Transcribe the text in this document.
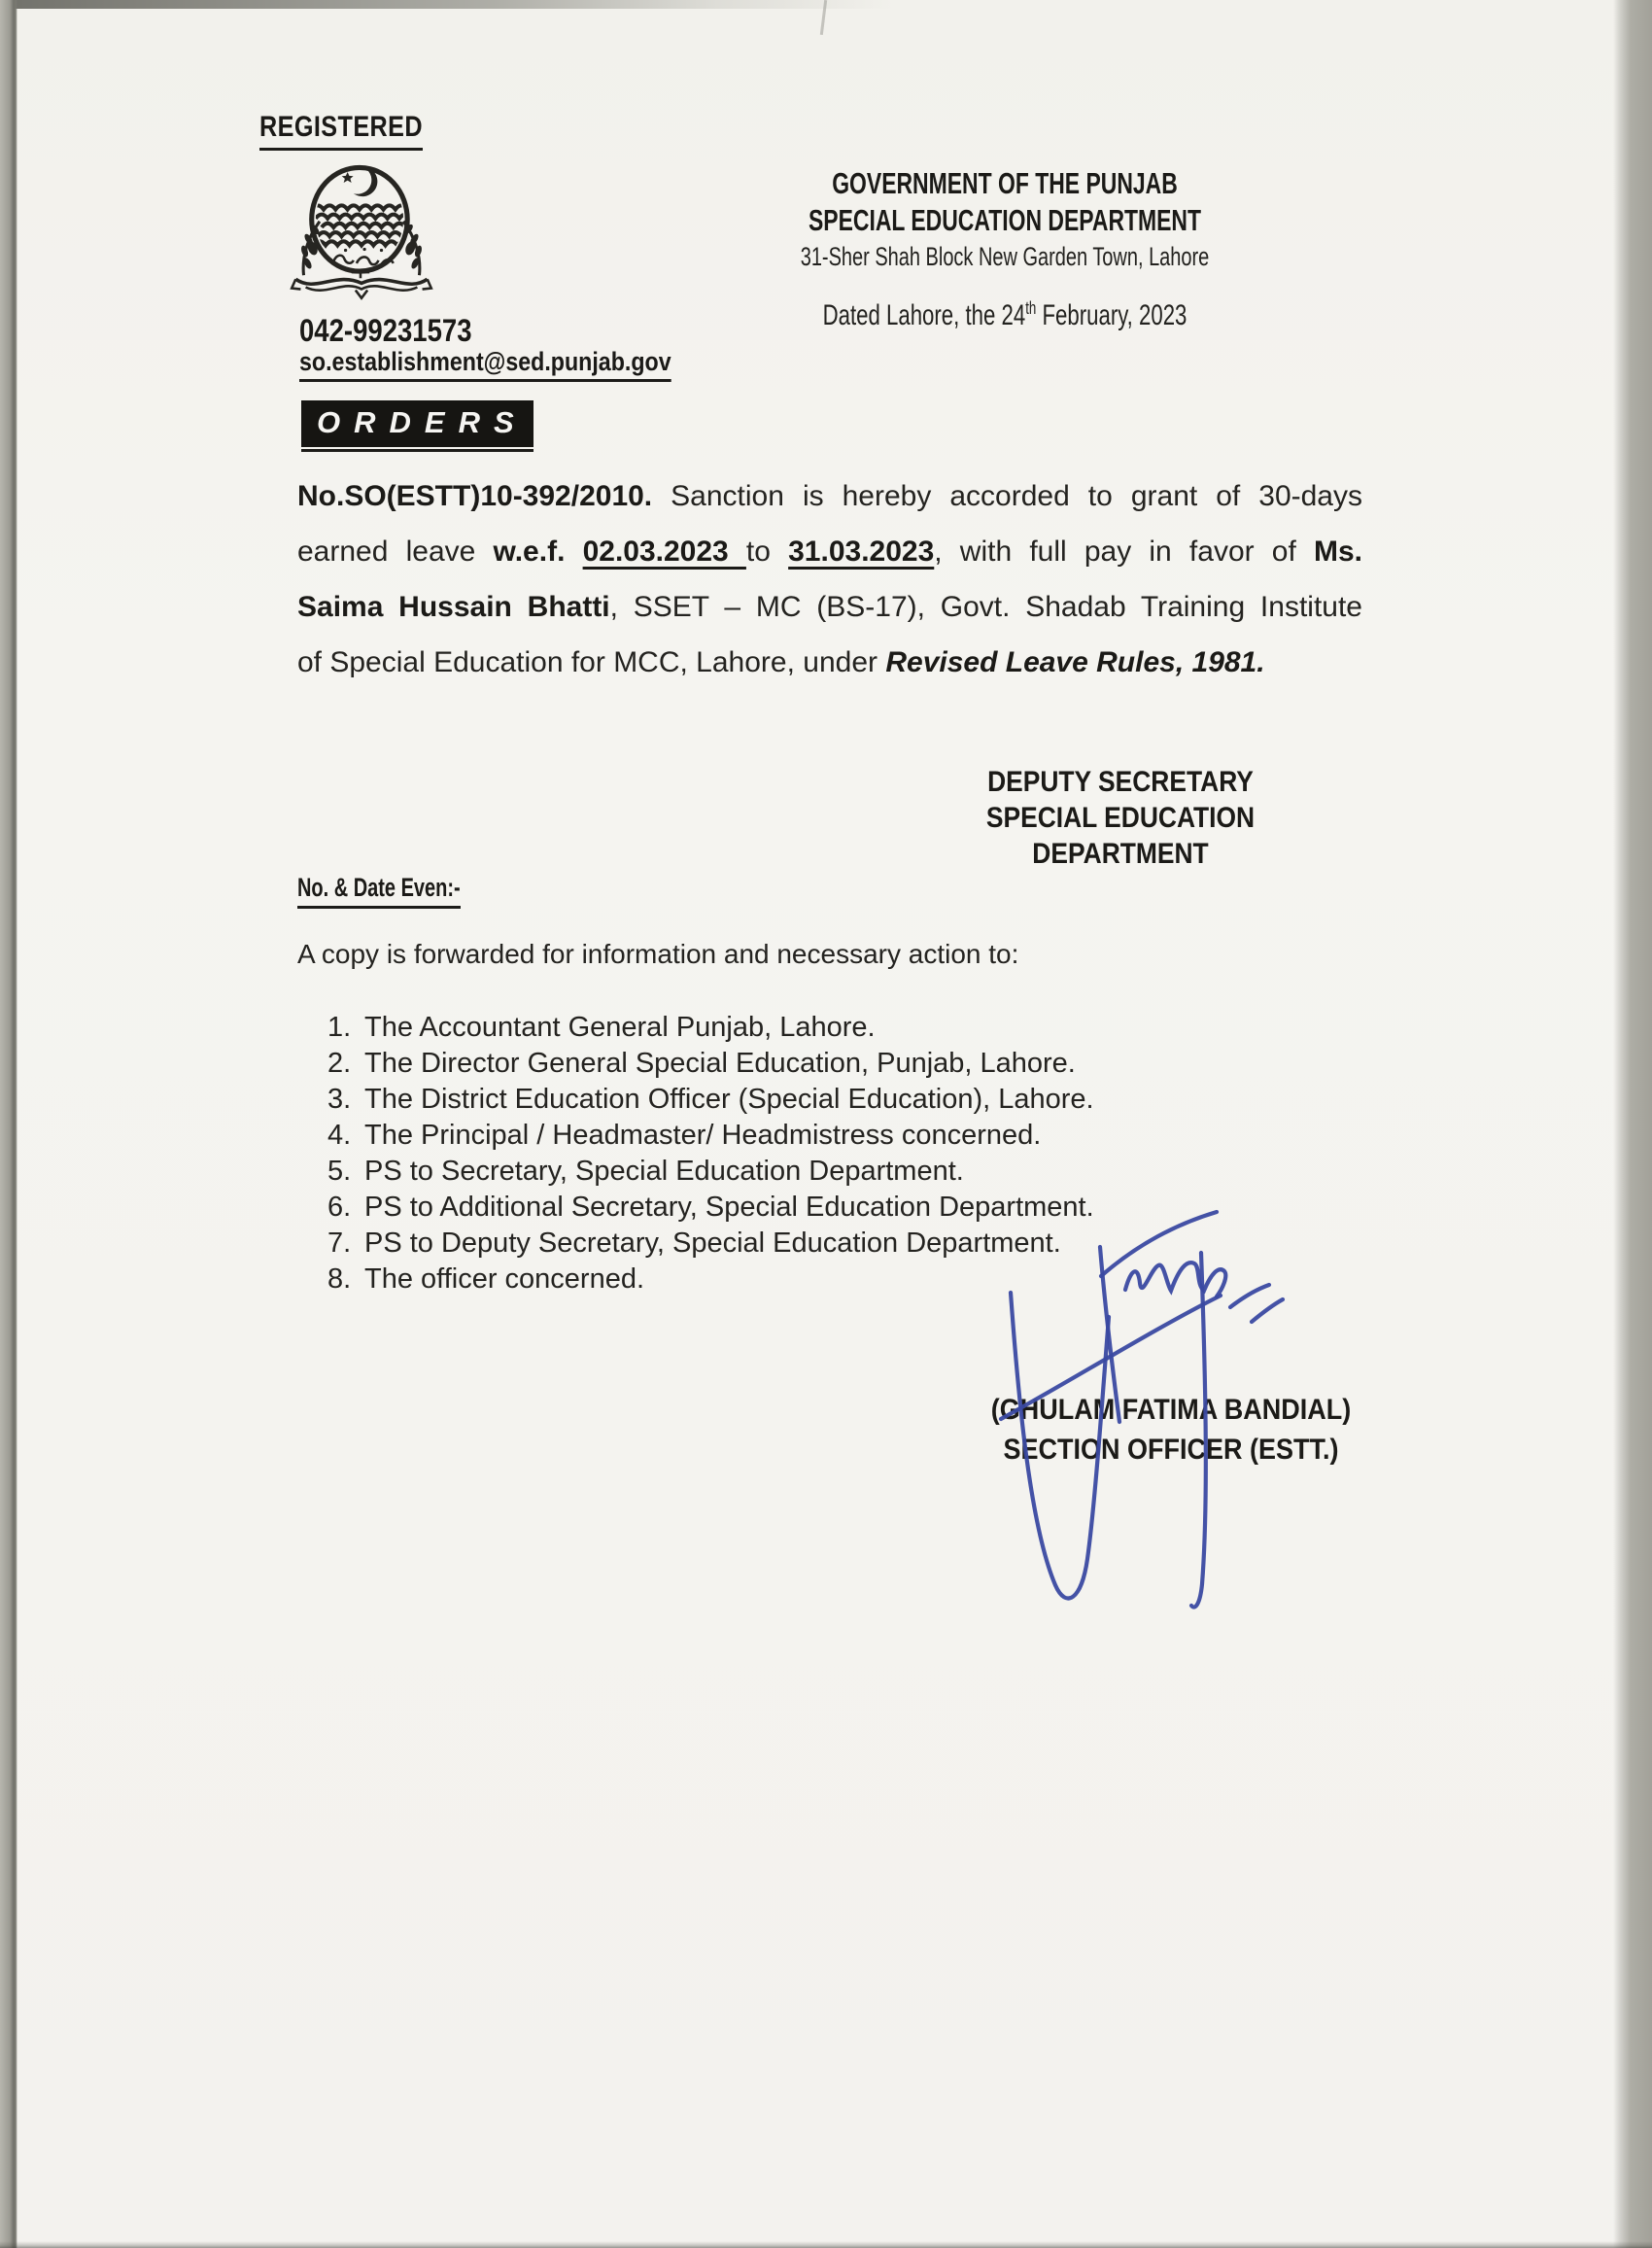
REGISTERED
042-99231573
so.establishment@sed.punjab.gov
GOVERNMENT OF THE PUNJAB
SPECIAL EDUCATION DEPARTMENT
31-Sher Shah Block New Garden Town, Lahore
Dated Lahore, the 24th February, 2023
ORDERS
No.SO(ESTT)10-392/2010. Sanction is hereby accorded to grant of 30-days
earned leave w.e.f. 02.03.2023 to 31.03.2023, with full pay in favor of Ms.
Saima Hussain Bhatti, SSET – MC (BS-17), Govt. Shadab Training Institute
of Special Education for MCC, Lahore, under Revised Leave Rules, 1981.
DEPUTY SECRETARY
SPECIAL EDUCATION
DEPARTMENT
No. & Date Even:-
A copy is forwarded for information and necessary action to:
1. The Accountant General Punjab, Lahore.
2. The Director General Special Education, Punjab, Lahore.
3. The District Education Officer (Special Education), Lahore.
4. The Principal / Headmaster/ Headmistress concerned.
5. PS to Secretary, Special Education Department.
6. PS to Additional Secretary, Special Education Department.
7. PS to Deputy Secretary, Special Education Department.
8. The officer concerned.
(GHULAM FATIMA BANDIAL)
SECTION OFFICER (ESTT.)
